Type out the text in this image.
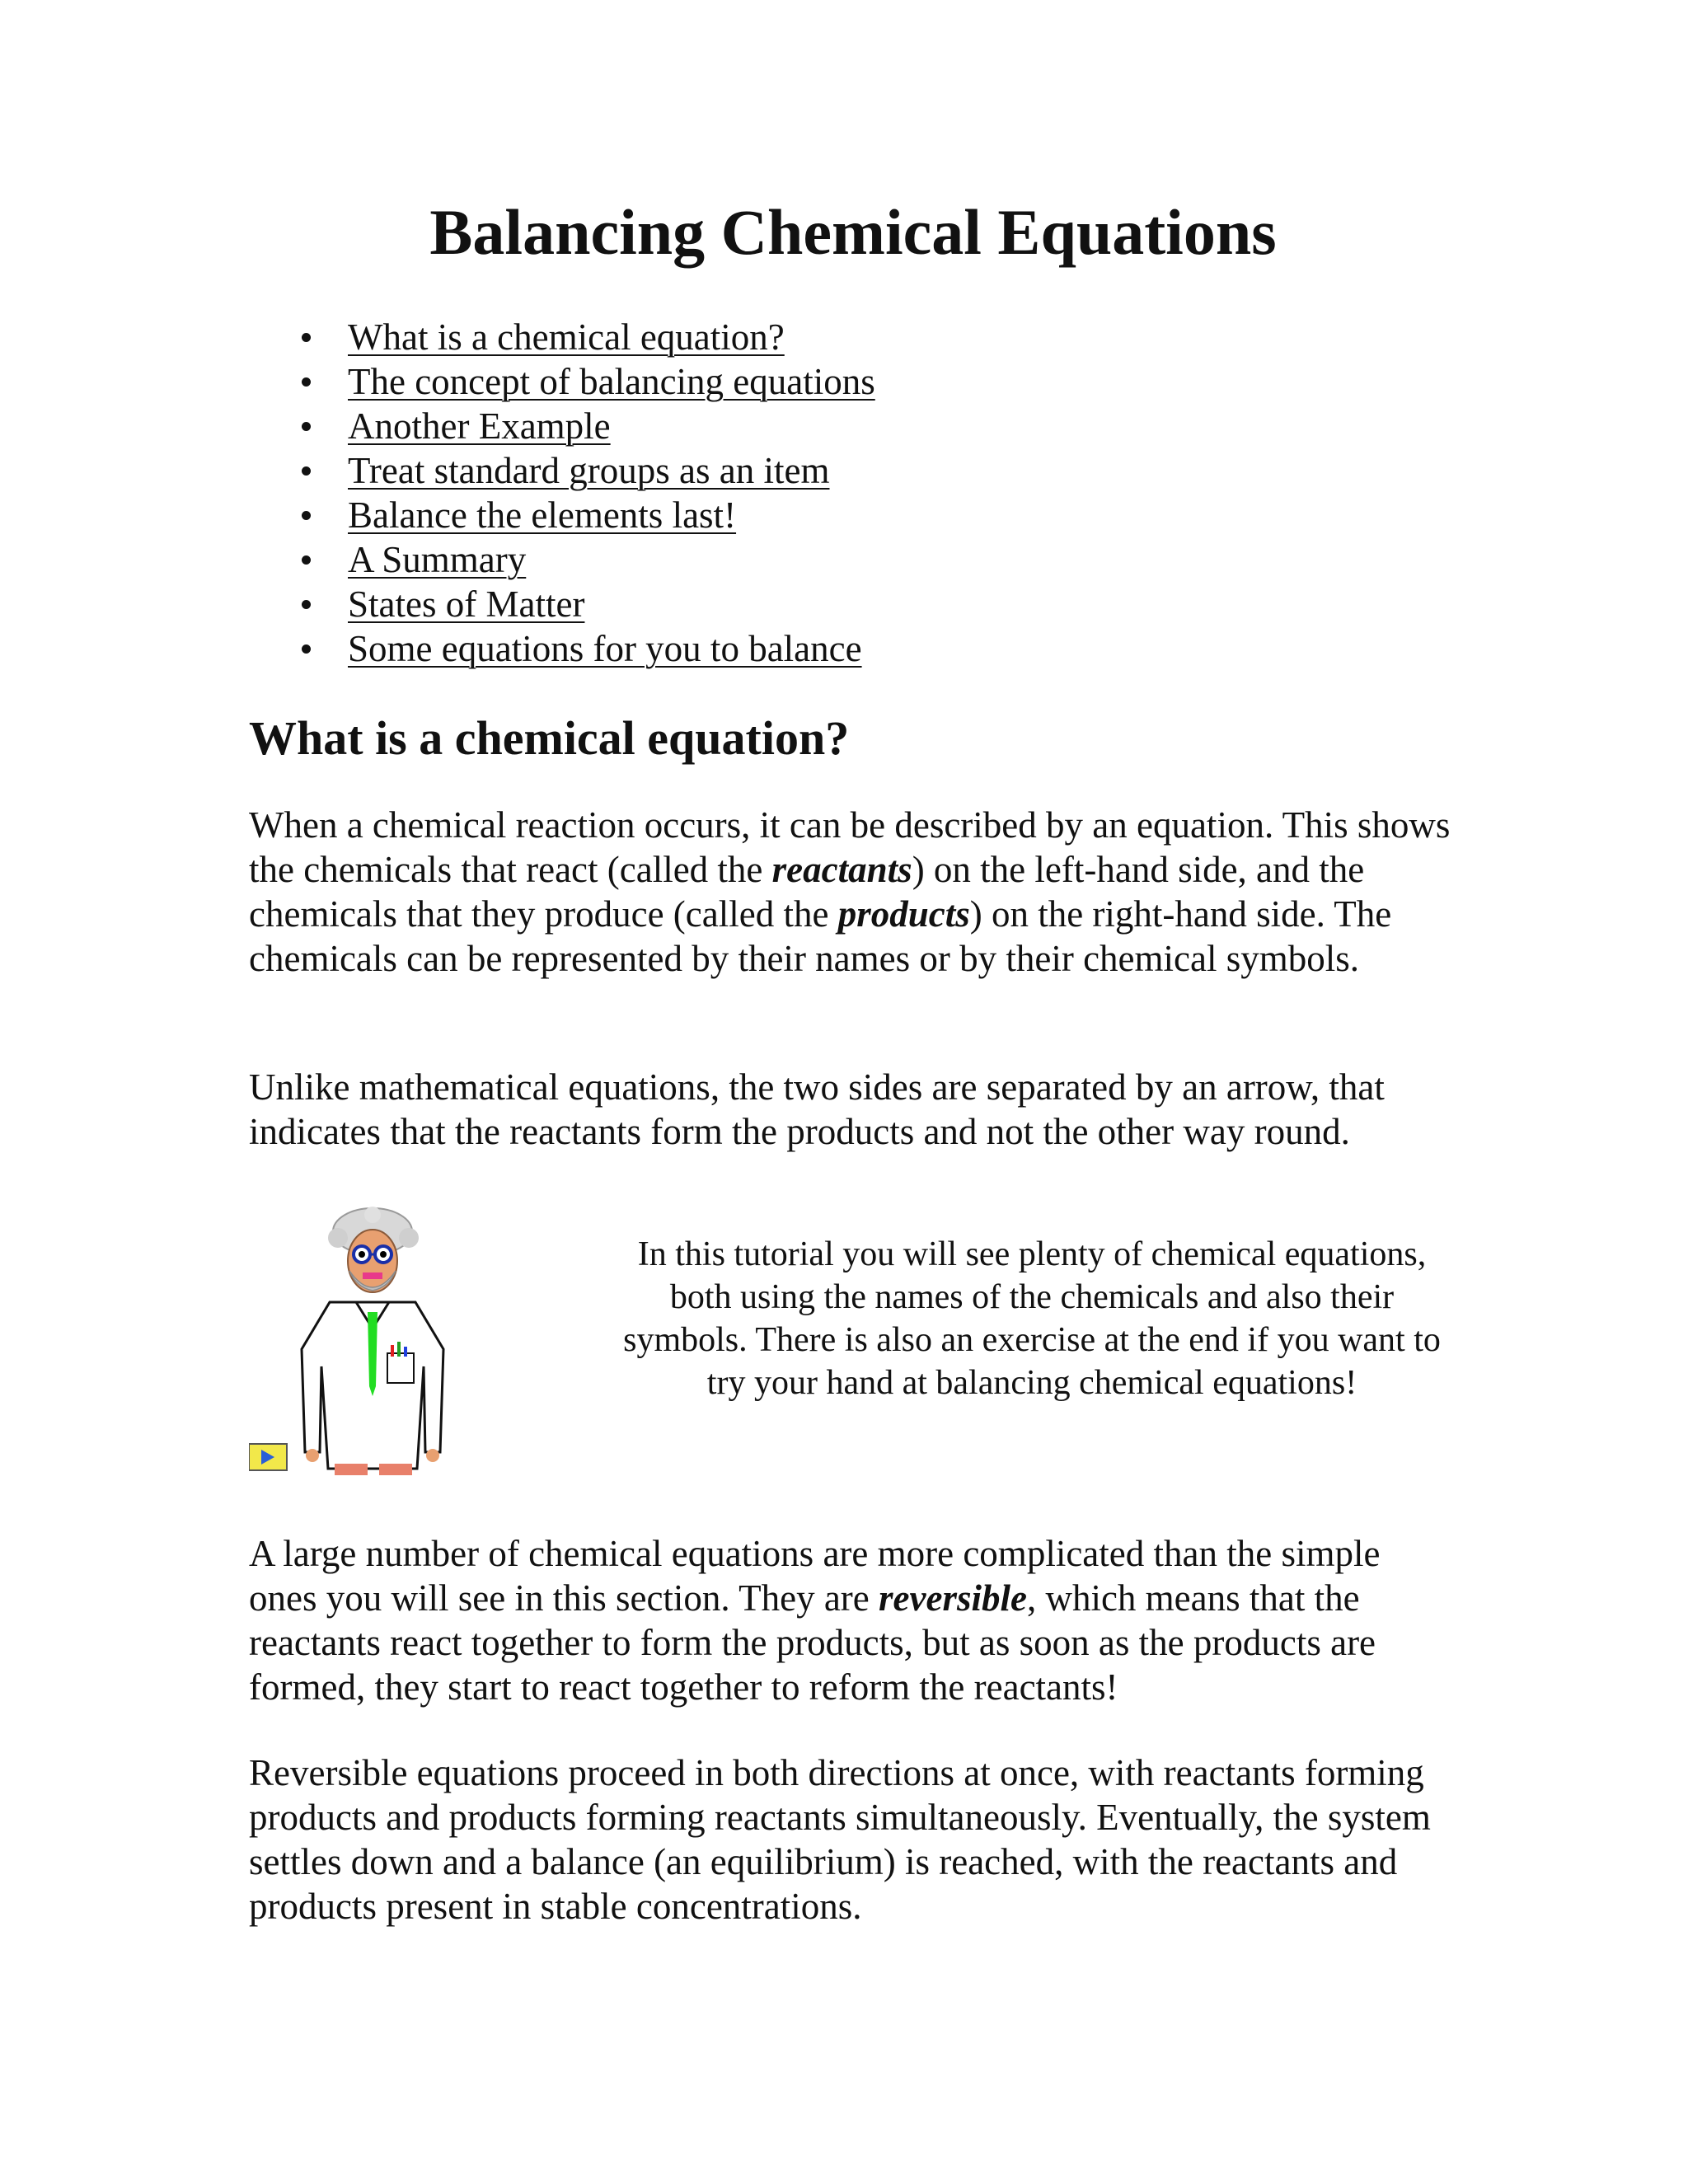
Balancing Chemical Equations
What is a chemical equation?
The concept of balancing equations
Another Example
Treat standard groups as an item
Balance the elements last!
A Summary
States of Matter
Some equations for you to balance
What is a chemical equation?

When a chemical reaction occurs, it can be described by an equation. This shows the chemicals that react (called the reactants) on the left-hand side, and the chemicals that they produce (called the products) on the right-hand side. The chemicals can be represented by their names or by their chemical symbols.

Unlike mathematical equations, the two sides are separated by an arrow, that indicates that the reactants form the products and not the other way round.

In this tutorial you will see plenty of chemical equations, both using the names of the chemicals and also their symbols. There is also an exercise at the end if you want to try your hand at balancing chemical equations!

A large number of chemical equations are more complicated than the simple ones you will see in this section. They are reversible, which means that the reactants react together to form the products, but as soon as the products are formed, they start to react together to reform the reactants!

Reversible equations proceed in both directions at once, with reactants forming products and products forming reactants simultaneously. Eventually, the system settles down and a balance (an equilibrium) is reached, with the reactants and products present in stable concentrations.
